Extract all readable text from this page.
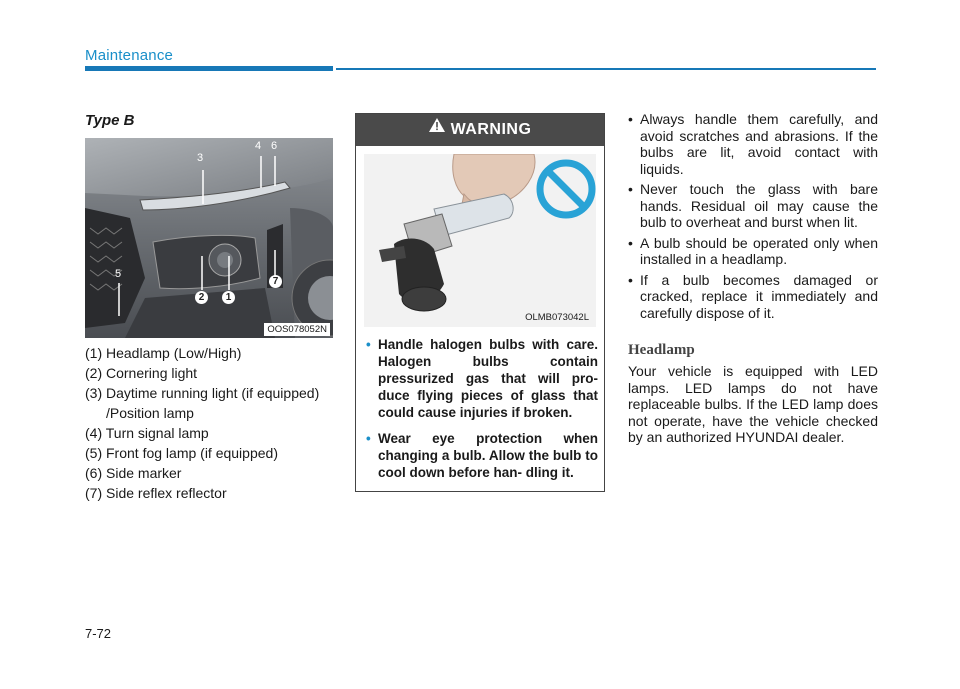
Maintenance
Type B
3
4 6
5
2	1
7
OOS078052N
(1) Headlamp (Low/High)
(2) Cornering light
(3) Daytime running light (if equipped)
/Position lamp
(4) Turn signal lamp
(5) Front fog lamp (if equipped)
(6) Side marker
(7) Side reflex reflector
WARNING
OLMB073042L
• Handle halogen bulbs with care. Halogen bulbs contain pressurized gas that will pro- duce flying pieces of glass that could cause injuries if broken.
• Wear eye protection when changing a bulb. Allow the bulb to cool down before han- dling it.
• Always handle them carefully, and avoid scratches and abrasions. If the bulbs are lit, avoid contact with liquids.
• Never touch the glass with bare hands. Residual oil may cause the bulb to overheat and burst when lit.
• A bulb should be operated only when installed in a headlamp.
• If a bulb becomes damaged or cracked, replace it immediately and carefully dispose of it.
Headlamp

Your vehicle is equipped with LED lamps. LED lamps do not have replaceable bulbs. If the LED lamp does not operate, have the vehicle checked by an authorized HYUNDAI dealer.

7-72
